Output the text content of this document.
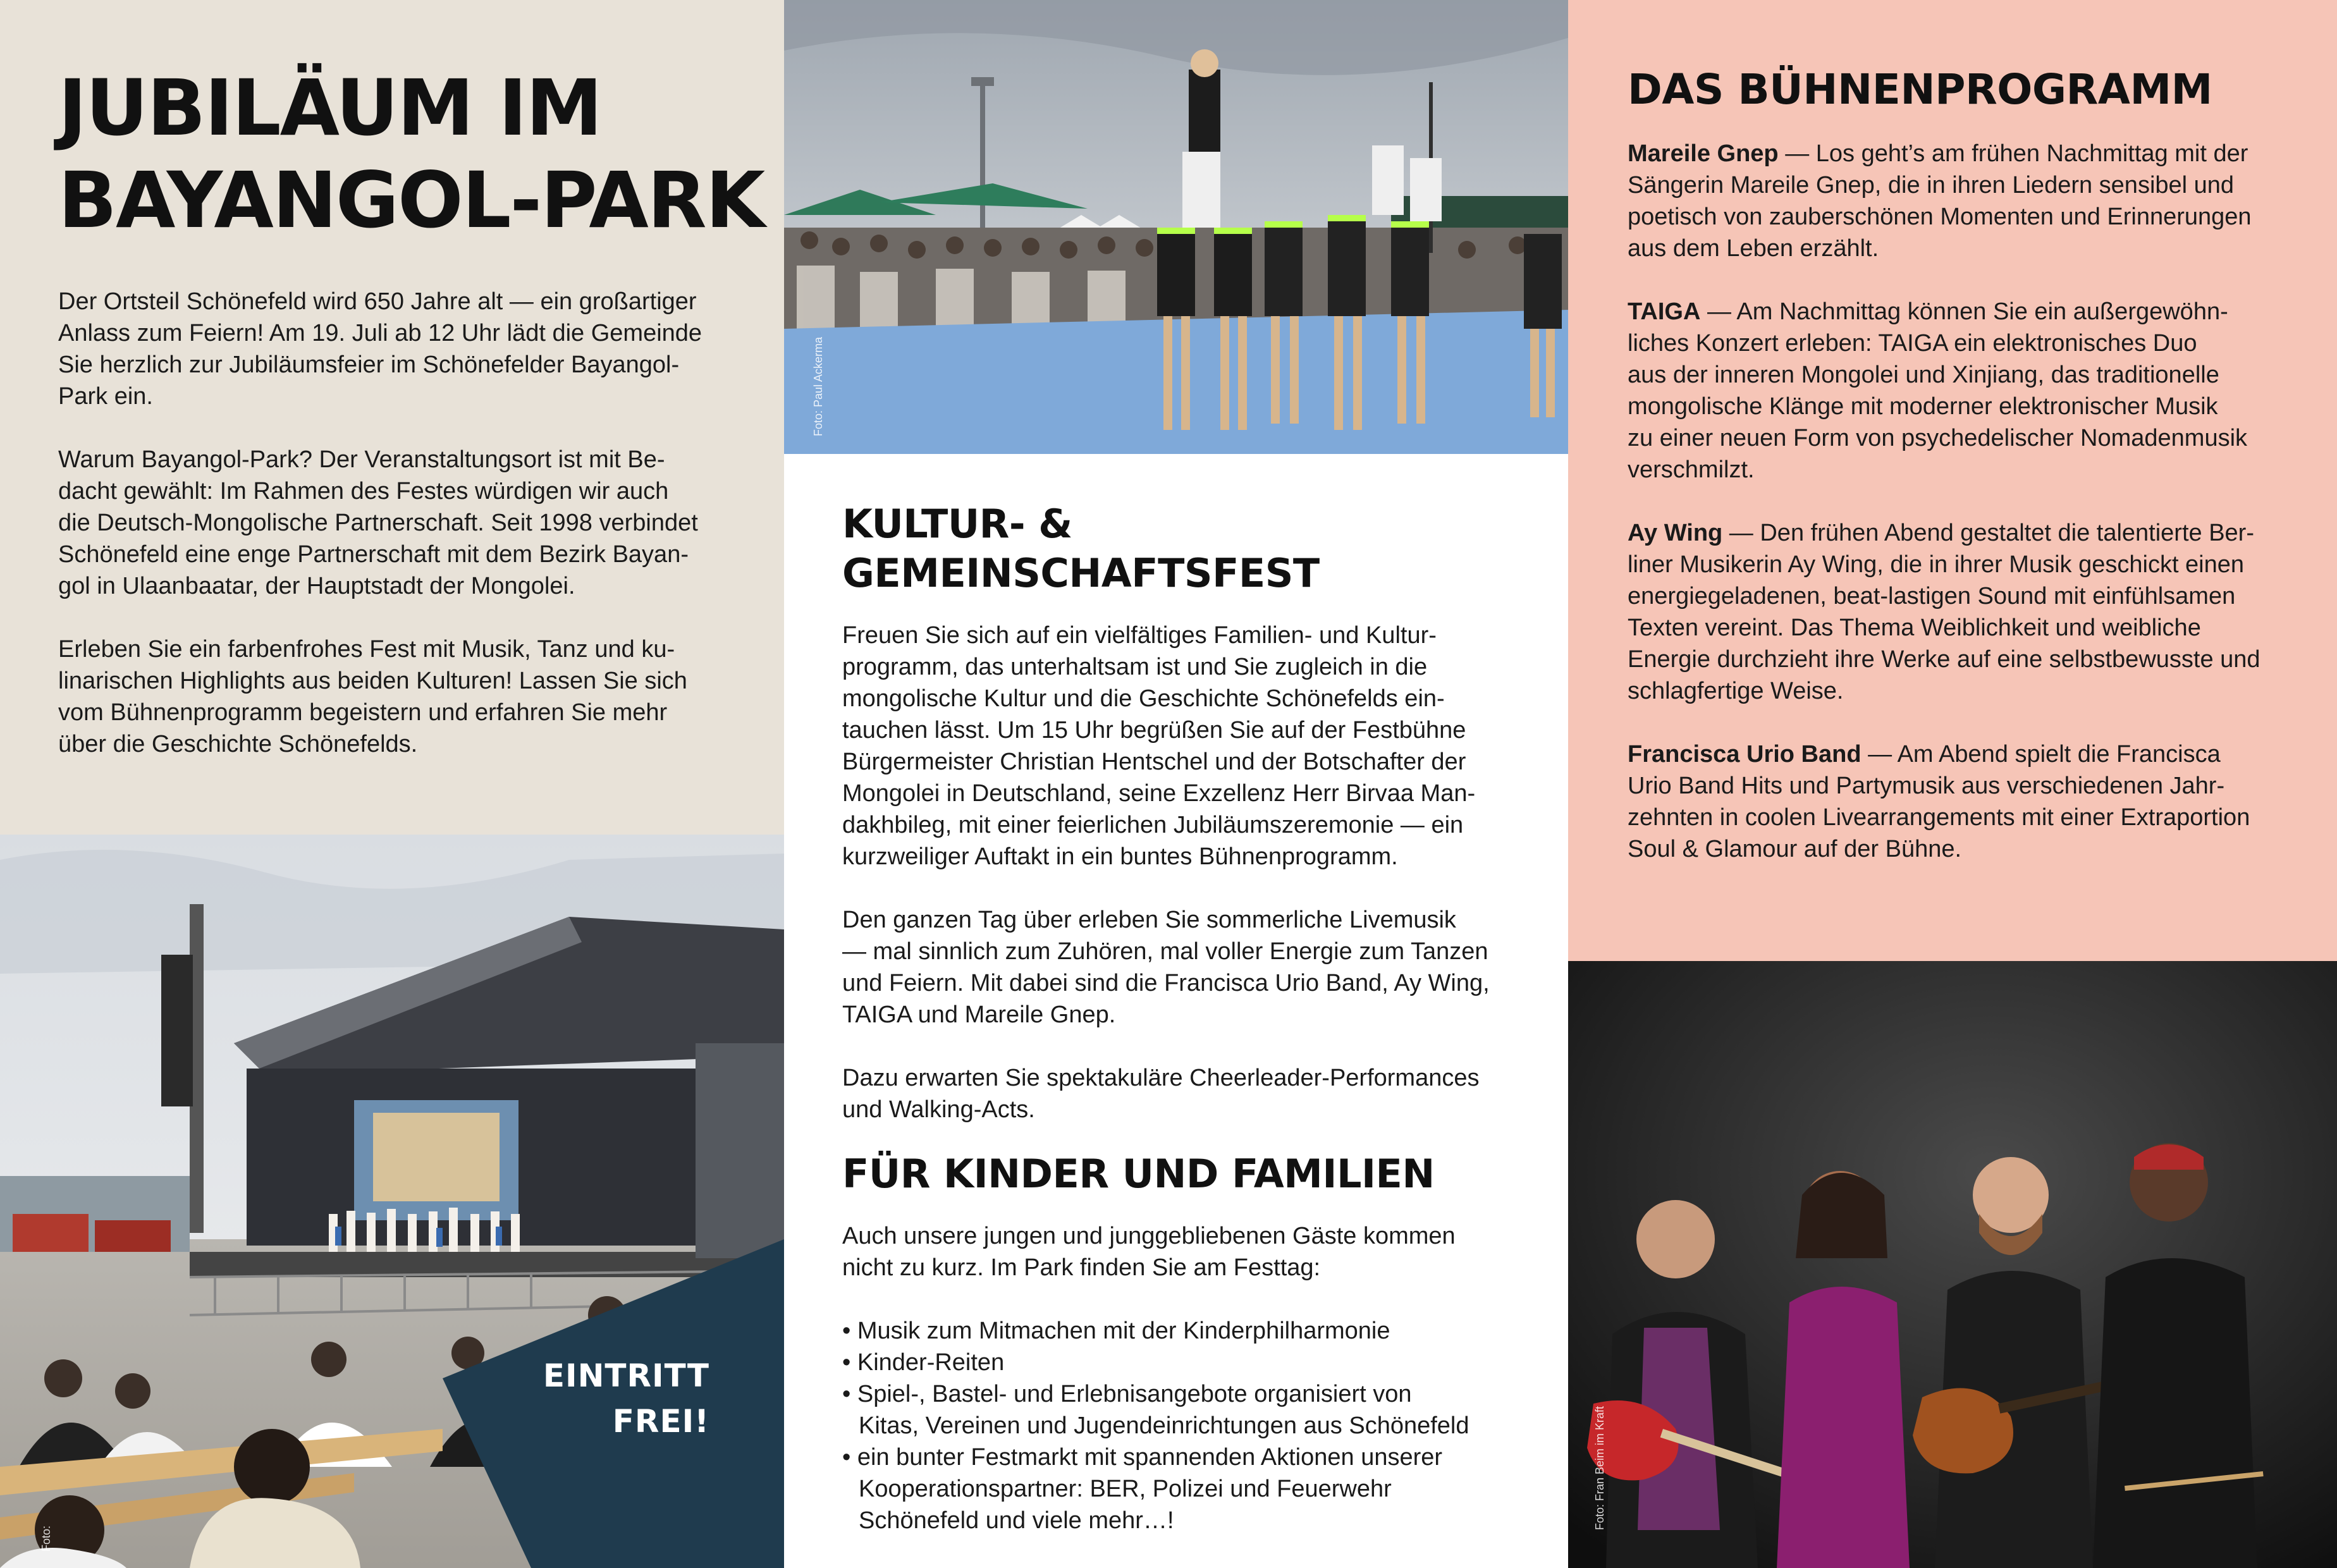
JUBILÄUM IM
BAYANGOL-PARK

Der Ortsteil Schönefeld wird 650 Jahre alt — ein großartiger
Anlass zum Feiern! Am 19. Juli ab 12 Uhr lädt die Gemeinde
Sie herzlich zur Jubiläumsfeier im Schönefelder Bayangol-
Park ein.

Warum Bayangol-Park? Der Veranstaltungsort ist mit Be-
dacht gewählt: Im Rahmen des Festes würdigen wir auch
die Deutsch-Mongolische Partnerschaft. Seit 1998 verbindet
Schönefeld eine enge Partnerschaft mit dem Bezirk Bayan-
gol in Ulaanbaatar, der Hauptstadt der Mongolei.

Erleben Sie ein farbenfrohes Fest mit Musik, Tanz und ku-
linarischen Highlights aus beiden Kulturen! Lassen Sie sich
vom Bühnenprogramm begeistern und erfahren Sie mehr
über die Geschichte Schönefelds.

EINTRITT
FREI!
Foto:
Foto: Paul Ackerma
KULTUR- & GEMEINSCHAFTSFEST

Freuen Sie sich auf ein vielfältiges Familien- und Kultur-
programm, das unterhaltsam ist und Sie zugleich in die
mongolische Kultur und die Geschichte Schönefelds ein-
tauchen lässt. Um 15 Uhr begrüßen Sie auf der Festbühne
Bürgermeister Christian Hentschel und der Botschafter der
Mongolei in Deutschland, seine Exzellenz Herr Birvaa Man-
dakhbileg, mit einer feierlichen Jubiläumszeremonie — ein
kurzweiliger Auftakt in ein buntes Bühnenprogramm.

Den ganzen Tag über erleben Sie sommerliche Livemusik
— mal sinnlich zum Zuhören, mal voller Energie zum Tanzen
und Feiern. Mit dabei sind die Francisca Urio Band, Ay Wing,
TAIGA und Mareile Gnep.

Dazu erwarten Sie spektakuläre Cheerleader-Performances
und Walking-Acts.

FÜR KINDER UND FAMILIEN

Auch unsere jungen und junggebliebenen Gäste kommen
nicht zu kurz. Im Park finden Sie am Festtag:

• Musik zum Mitmachen mit der Kinderphilharmonie
• Kinder-Reiten
• Spiel-, Bastel- und Erlebnisangebote organisiert von
Kitas, Vereinen und Jugendeinrichtungen aus Schönefeld
• ein bunter Festmarkt mit spannenden Aktionen unserer
Kooperationspartner: BER, Polizei und Feuerwehr
Schönefeld und viele mehr…!
DAS BÜHNENPROGRAMM

Mareile Gnep — Los geht’s am frühen Nachmittag mit der
Sängerin Mareile Gnep, die in ihren Liedern sensibel und
poetisch von zauberschönen Momenten und Erinnerungen
aus dem Leben erzählt.

TAIGA — Am Nachmittag können Sie ein außergewöhn-
liches Konzert erleben: TAIGA ein elektronisches Duo
aus der inneren Mongolei und Xinjiang, das traditionelle
mongolische Klänge mit moderner elektronischer Musik
zu einer neuen Form von psychedelischer Nomadenmusik
verschmilzt.

Ay Wing — Den frühen Abend gestaltet die talentierte Ber-
liner Musikerin Ay Wing, die in ihrer Musik geschickt einen
energiegeladenen, beat-lastigen Sound mit einfühlsamen
Texten vereint. Das Thema Weiblichkeit und weibliche
Energie durchzieht ihre Werke auf eine selbstbewusste und
schlagfertige Weise.

Francisca Urio Band — Am Abend spielt die Francisca
Urio Band Hits und Partymusik aus verschiedenen Jahr-
zehnten in coolen Livearrangements mit einer Extraportion
Soul & Glamour auf der Bühne.

Foto: Fran Beim im Kraft
